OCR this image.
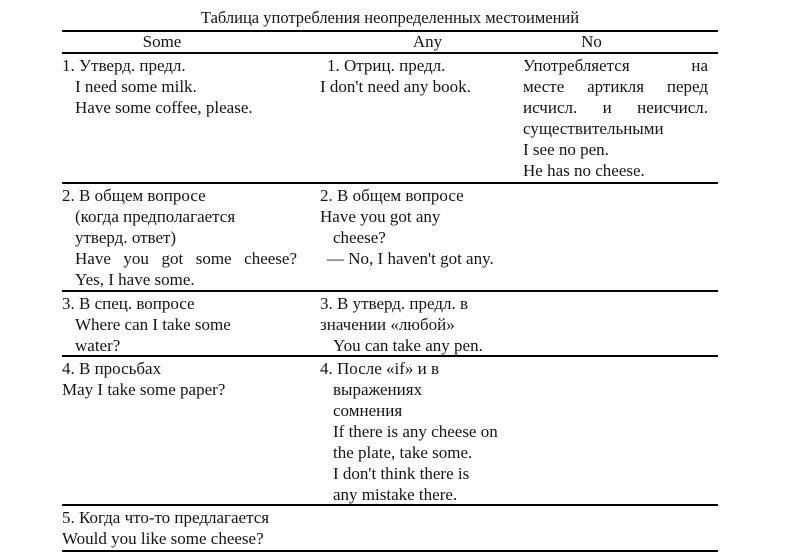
Таблица употребления неопределенных местоимений
Some	Any	No
1. Утверд. предл.
I need some milk.
Have some coffee, please.
1. Отриц. предл.
I don't need any book.
Употребляется на
месте артикля перед
исчисл. и неисчисл.
существительными
I see no pen.
He has no cheese.
2. В общем вопросе
(когда предполагается
утверд. ответ)
Have you got some cheese?
Yes, I have some.
2. В общем вопросе
Have you got any
cheese?
— No, I haven't got any.
3. В спец. вопросе
Where can I take some
water?
3. В утверд. предл. в
значении «любой»
You can take any pen.
4. В просьбах
May I take some paper?
4. После «if» и в
выражениях
сомнения
If there is any cheese on
the plate, take some.
I don't think there is
any mistake there.
5. Когда что-то предлагается
Would you like some cheese?
